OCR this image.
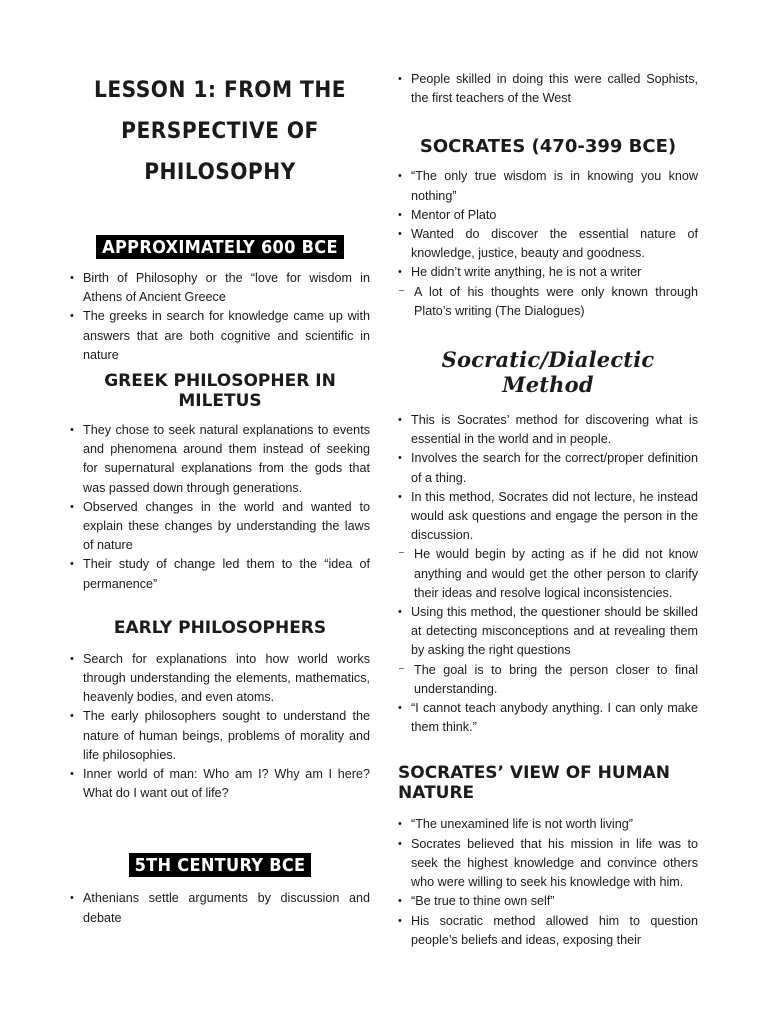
LESSON 1: FROM THE

PERSPECTIVE OF

PHILOSOPHY

APPROXIMATELY 600 BCE
• Birth of Philosophy or the “love for wisdom in Athens of Ancient Greece
• The greeks in search for knowledge came up with answers that are both cognitive and scientific in nature

GREEK PHILOSOPHER IN MILETUS

• They chose to seek natural explanations to events and phenomena around them instead of seeking for supernatural explanations from the gods that was passed down through generations.
• Observed changes in the world and wanted to explain these changes by understanding the laws of nature
• Their study of change led them to the “idea of permanence”

EARLY PHILOSOPHERS

• Search for explanations into how world works through understanding the elements, mathematics, heavenly bodies, and even atoms.
• The early philosophers sought to understand the nature of human beings, problems of morality and life philosophies.
• Inner world of man: Who am I? Why am I here? What do I want out of life?
5TH CENTURY BCE
• Athenians settle arguments by discussion and debate
• People skilled in doing this were called Sophists, the first teachers of the West

SOCRATES (470-399 BCE)

• “The only true wisdom is in knowing you know nothing”
• Mentor of Plato
• Wanted do discover the essential nature of knowledge, justice, beauty and goodness.
• He didn’t write anything, he is not a writer
⁻ A lot of his thoughts were only known through Plato’s writing (The Dialogues)

Socratic/Dialectic Method

• This is Socrates’ method for discovering what is essential in the world and in people.
• Involves the search for the correct/proper definition of a thing.
• In this method, Socrates did not lecture, he instead would ask questions and engage the person in the discussion.
⁻ He would begin by acting as if he did not know anything and would get the other person to clarify their ideas and resolve logical inconsistencies.
• Using this method, the questioner should be skilled at detecting misconceptions and at revealing them by asking the right questions
⁻ The goal is to bring the person closer to final understanding.
• “I cannot teach anybody anything. I can only make them think.”

SOCRATES’ VIEW OF HUMAN NATURE

• “The unexamined life is not worth living”
• Socrates believed that his mission in life was to seek the highest knowledge and convince others who were willing to seek his knowledge with him.
• “Be true to thine own self”
• His socratic method allowed him to question people’s beliefs and ideas, exposing their
